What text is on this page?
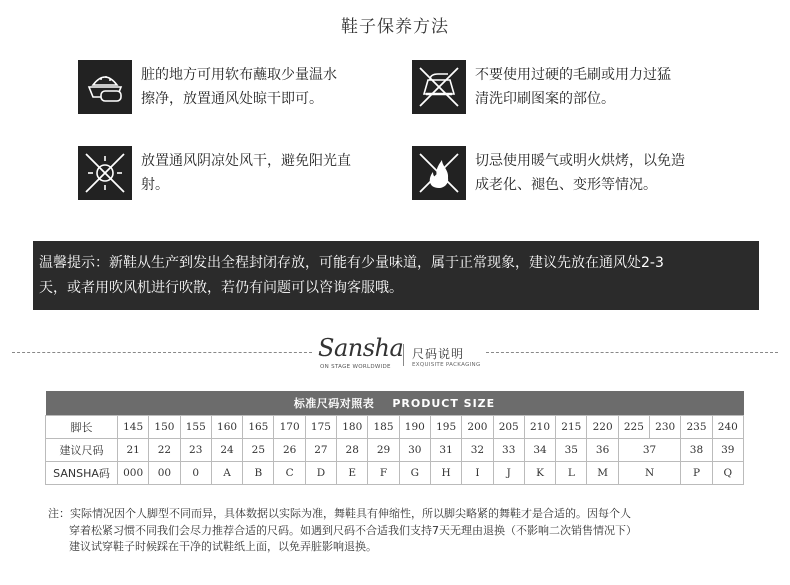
鞋子保养方法
脏的地方可用软布蘸取少量温水
擦净，放置通风处晾干即可。
不要使用过硬的毛刷或用力过猛
清洗印刷图案的部位。
放置通风阴凉处风干，避免阳光直
射。
切忌使用暖气或明火烘烤，以免造
成老化、褪色、变形等情况。
温馨提示：新鞋从生产到发出全程封闭存放，可能有少量味道，属于正常现象，建议先放在通风处2-3
天，或者用吹风机进行吹散，若仍有问题可以咨询客服哦。
Sansha
ON STAGE WORLDWIDE
尺码说明
EXQUISITE PACKAGING
标准尺码对照表 PRODUCT SIZE																				
脚长	145	150	155	160	165	170	175	180	185	190	195	200	205	210	215	220	225	230	235	240
建议尺码	21	22	23	24	25	26	27	28	29	30	31	32	33	34	35	36	37		38	39
SANSHA码	000	00	0	A	B	C	D	E	F	G	H	I	J	K	L	M	N		P	Q
注：实际情况因个人脚型不同而异，具体数据以实际为准，舞鞋具有伸缩性，所以脚尖略紧的舞鞋才是合适的。因每个人
穿着松紧习惯不同我们会尽力推荐合适的尺码。如遇到尺码不合适我们支持7天无理由退换（不影响二次销售情况下）
建议试穿鞋子时候踩在干净的试鞋纸上面，以免弄脏影响退换。
